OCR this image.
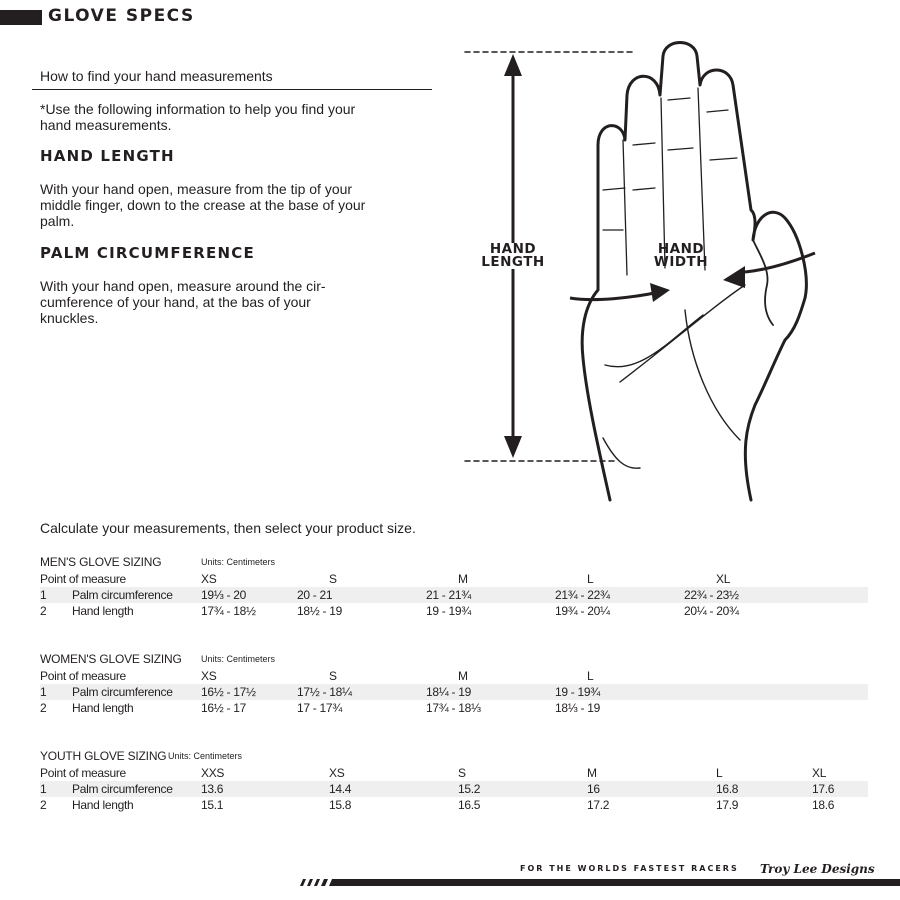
GLOVE SPECS
How to find your hand measurements
*Use the following information to help you find your hand measurements.
HAND LENGTH
With your hand open, measure from the tip of your middle finger, down to the crease at the base of your palm.
PALM CIRCUMFERENCE
With your hand open, measure around the cir-cumference of your hand, at the bas of your knuckles.
HAND
LENGTH
HAND
WIDTH
Calculate your measurements, then select your product size.
MEN'S GLOVE SIZING	Units: Centimeters
Point of measure	XS	S	M	L	XL
1 Palm circumference 19⅓ - 20	20 - 21	21 - 21¾	21¾ - 22¾	22¾ - 23½
2 Hand length	17¾ - 18½	18½ - 19	19 - 19¾	19¾ - 20¼	20¼ - 20¾
WOMEN'S GLOVE SIZING Units: Centimeters
Point of measure	XS	S	M	L
1 Palm circumference 16½ - 17½	17½ - 18¼	18¼ - 19	19 - 19¾
2 Hand length	16½ - 17	17 - 17¾	17¾ - 18⅓	18⅓ - 19
YOUTH GLOVE SIZING Units: Centimeters
Point of measure	XXS	XS	S	M	L	XL
1 Palm circumference 13.6	14.4	15.2	16	16.8	17.6
2 Hand length	15.1	15.8	16.5	17.2	17.9	18.6
FOR THE WORLDS FASTEST RACERS Troy Lee Designs
